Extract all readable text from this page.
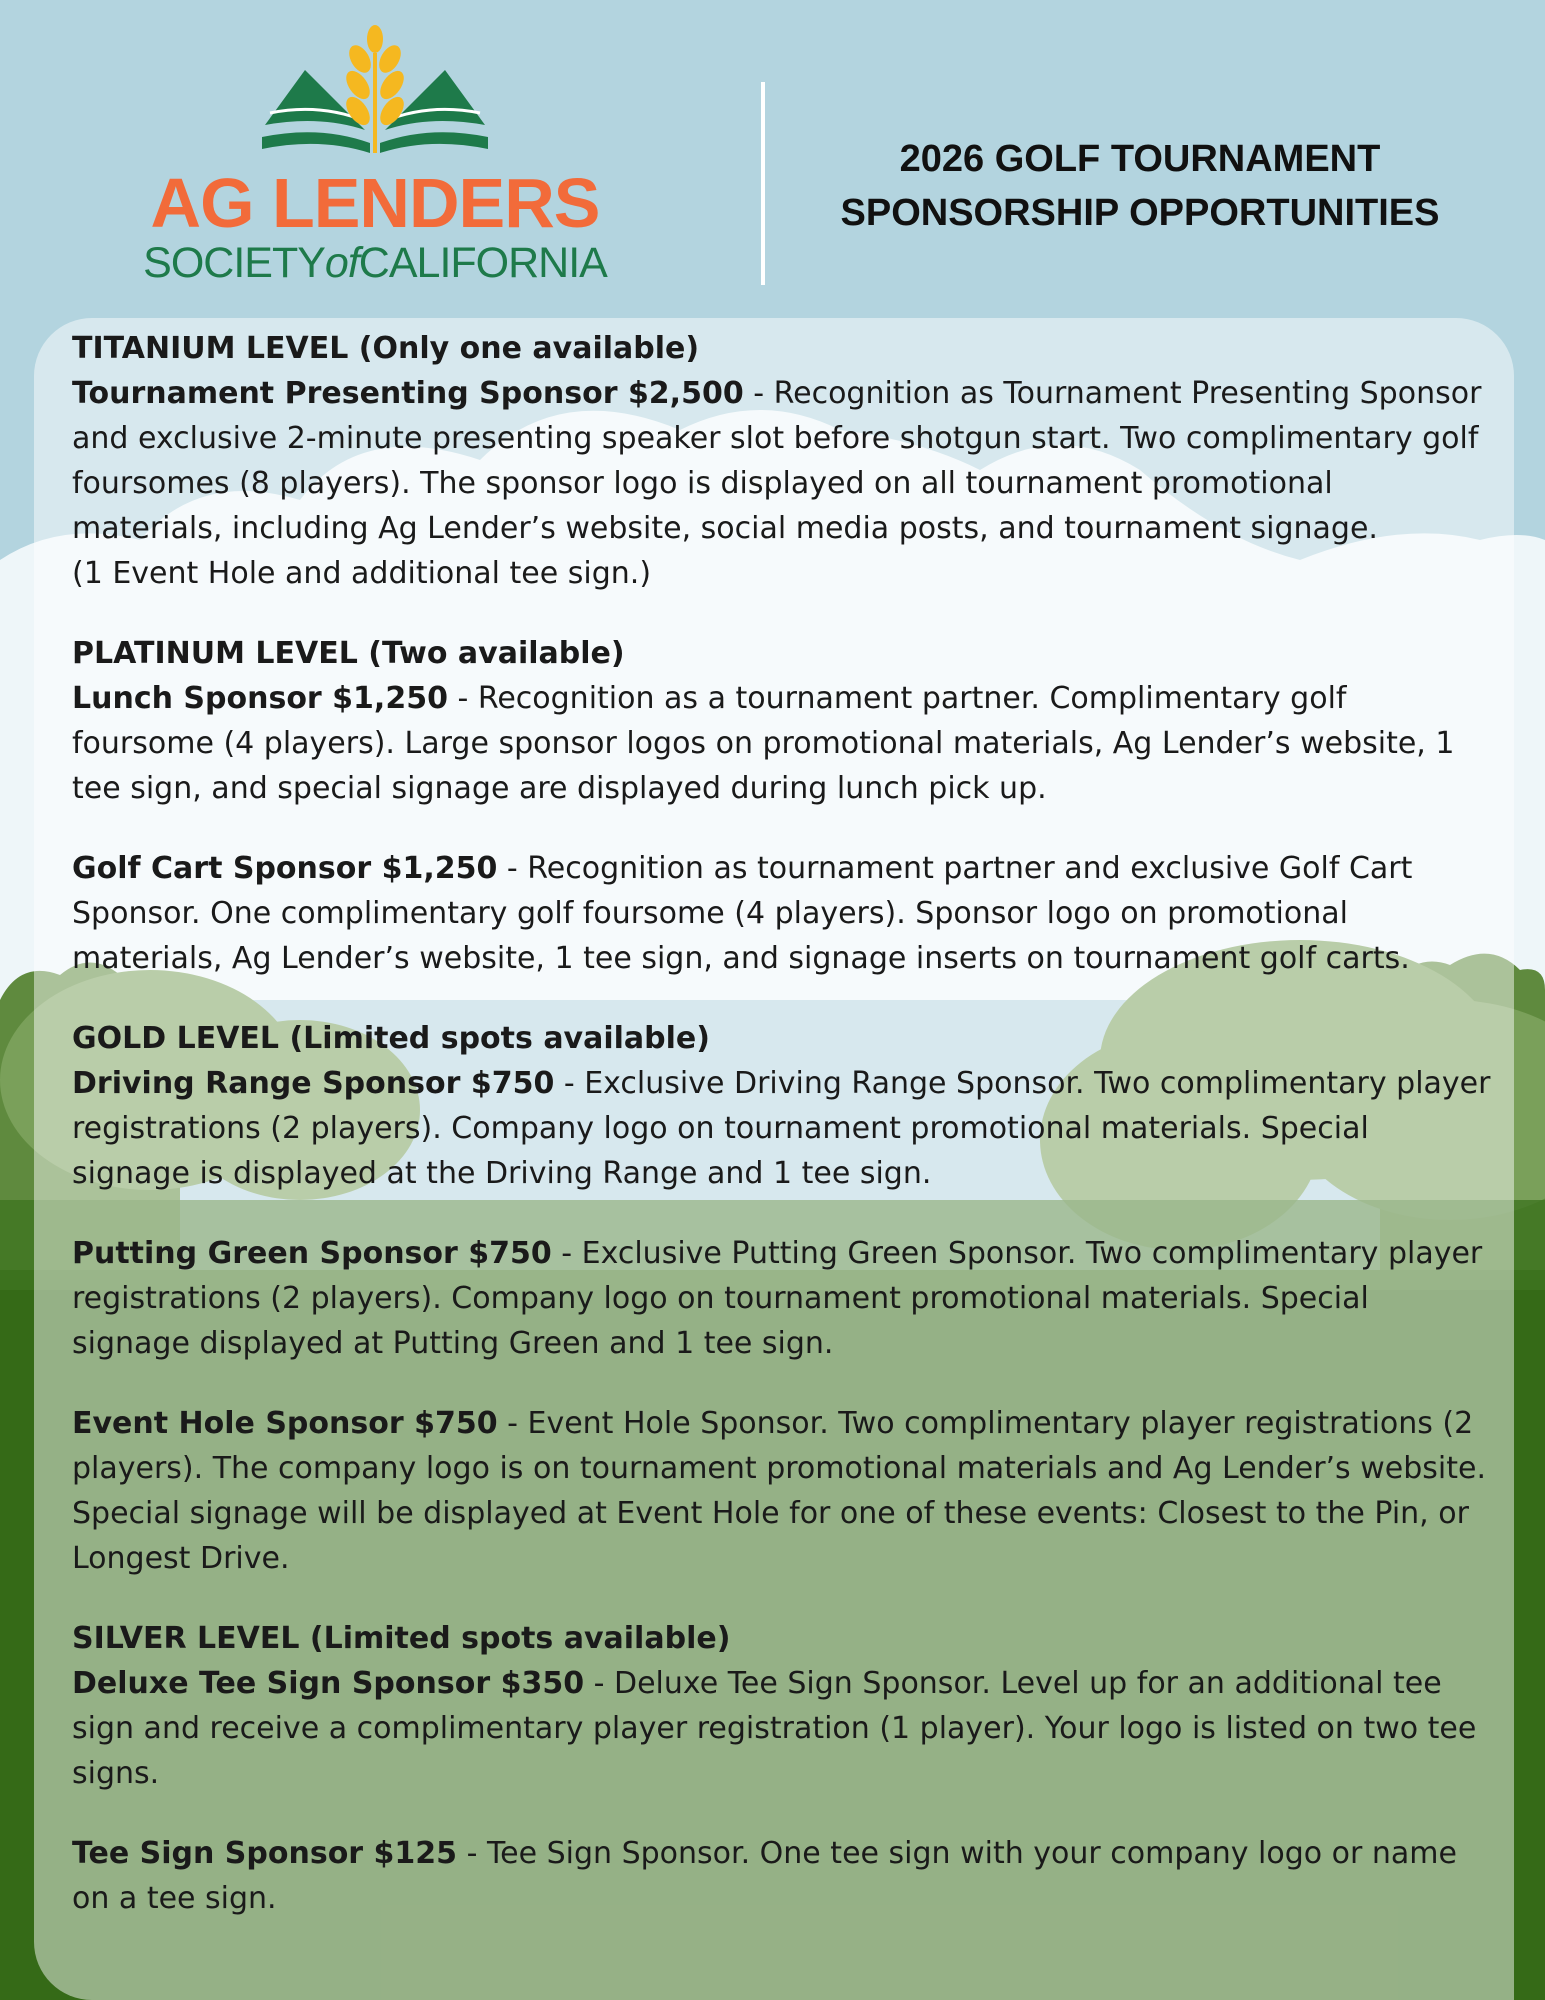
AG LENDERS
SOCIETYofCALIFORNIA
2026 GOLF TOURNAMENT
SPONSORSHIP OPPORTUNITIES
TITANIUM LEVEL (Only one available)

Tournament Presenting Sponsor $2,500 - Recognition as Tournament Presenting Sponsor and exclusive 2-minute presenting speaker slot before shotgun start. Two complimentary golf foursomes (8 players). The sponsor logo is displayed on all tournament promotional materials, including Ag Lender’s website, social media posts, and tournament signage.

(1 Event Hole and additional tee sign.)

PLATINUM LEVEL (Two available)

Lunch Sponsor $1,250 - Recognition as a tournament partner. Complimentary golf foursome (4 players). Large sponsor logos on promotional materials, Ag Lender’s website, 1 tee sign, and special signage are displayed during lunch pick up.

Golf Cart Sponsor $1,250 - Recognition as tournament partner and exclusive Golf Cart Sponsor. One complimentary golf foursome (4 players). Sponsor logo on promotional materials, Ag Lender’s website, 1 tee sign, and signage inserts on tournament golf carts.

GOLD LEVEL (Limited spots available)

Driving Range Sponsor $750 - Exclusive Driving Range Sponsor. Two complimentary player registrations (2 players). Company logo on tournament promotional materials. Special signage is displayed at the Driving Range and 1 tee sign.

Putting Green Sponsor $750 - Exclusive Putting Green Sponsor. Two complimentary player registrations (2 players). Company logo on tournament promotional materials. Special signage displayed at Putting Green and 1 tee sign.

Event Hole Sponsor $750 - Event Hole Sponsor. Two complimentary player registrations (2 players). The company logo is on tournament promotional materials and Ag Lender’s website. Special signage will be displayed at Event Hole for one of these events: Closest to the Pin, or Longest Drive.

SILVER LEVEL (Limited spots available)

Deluxe Tee Sign Sponsor $350 - Deluxe Tee Sign Sponsor. Level up for an additional tee sign and receive a complimentary player registration (1 player). Your logo is listed on two tee signs.

Tee Sign Sponsor $125 - Tee Sign Sponsor. One tee sign with your company logo or name on a tee sign.
